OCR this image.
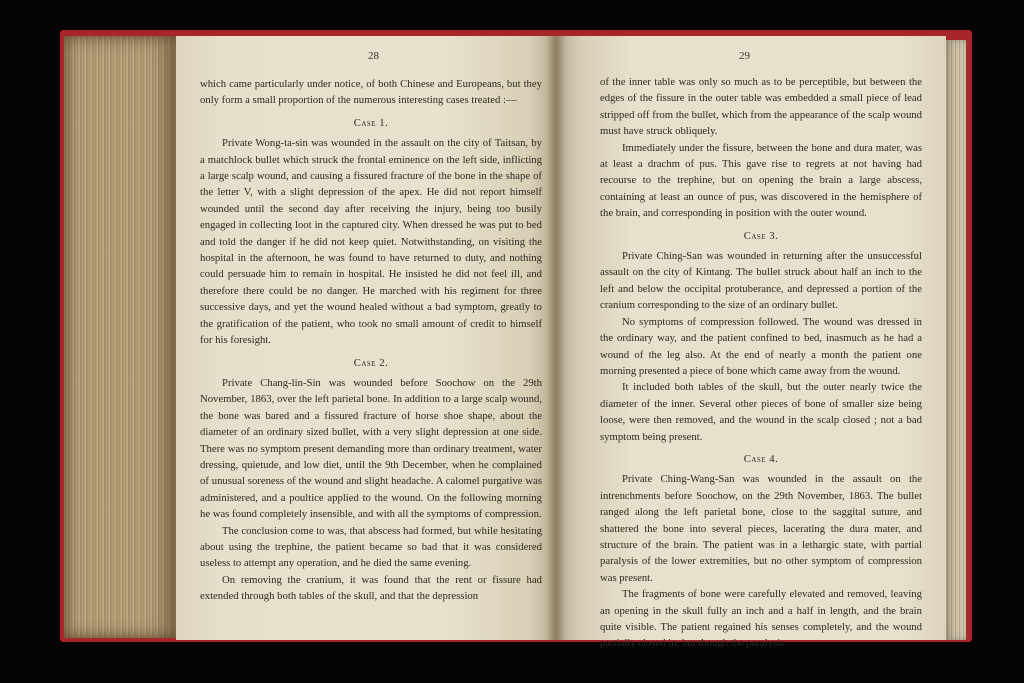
28

which came particularly under notice, of both Chinese and Europeans, but they only form a small proportion of the numerous interesting cases treated :—

Case 1.

Private Wong-ta-sin was wounded in the assault on the city of Taitsan, by a matchlock bullet which struck the frontal eminence on the left side, inflicting a large scalp wound, and causing a fissured fracture of the bone in the shape of the letter V, with a slight depression of the apex. He did not report himself wounded until the second day after receiving the injury, being too busily engaged in collecting loot in the captured city. When dressed he was put to bed and told the danger if he did not keep quiet. Notwithstanding, on visiting the hospital in the afternoon, he was found to have returned to duty, and nothing could persuade him to remain in hospital. He insisted he did not feel ill, and therefore there could be no danger. He marched with his regiment for three successive days, and yet the wound healed without a bad symptom, greatly to the gratification of the patient, who took no small amount of credit to himself for his foresight.

Case 2.

Private Chang-lin-Sin was wounded before Soochow on the 29th November, 1863, over the left parietal bone. In addition to a large scalp wound, the bone was bared and a fissured fracture of horse shoe shape, about the diameter of an ordinary sized bullet, with a very slight depression at one side. There was no symptom present demanding more than ordinary treatment, water dressing, quietude, and low diet, until the 9th December, when he complained of unusual soreness of the wound and slight headache. A calomel purgative was administered, and a poultice applied to the wound. On the following morning he was found completely insensible, and with all the symptoms of compression.

The conclusion come to was, that abscess had formed, but while hesitating about using the trephine, the patient became so bad that it was considered useless to attempt any operation, and he died the same evening.

On removing the cranium, it was found that the rent or fissure had extended through both tables of the skull, and that the depression

29

of the inner table was only so much as to be perceptible, but between the edges of the fissure in the outer table was embedded a small piece of lead stripped off from the bullet, which from the appearance of the scalp wound must have struck obliquely.

Immediately under the fissure, between the bone and dura mater, was at least a drachm of pus. This gave rise to regrets at not having had recourse to the trephine, but on opening the brain a large abscess, containing at least an ounce of pus, was discovered in the hemisphere of the brain, and corresponding in position with the outer wound.

Case 3.

Private Ching-San was wounded in returning after the unsuccessful assault on the city of Kintang. The bullet struck about half an inch to the left and below the occipital protuberance, and depressed a portion of the cranium corresponding to the size of an ordinary bullet.

No symptoms of compression followed. The wound was dressed in the ordinary way, and the patient confined to bed, inasmuch as he had a wound of the leg also. At the end of nearly a month the patient one morning presented a piece of bone which came away from the wound.

It included both tables of the skull, but the outer nearly twice the diameter of the inner. Several other pieces of bone of smaller size being loose, were then removed, and the wound in the scalp closed ; not a bad symptom being present.

Case 4.

Private Ching-Wang-San was wounded in the assault on the intrenchments before Soochow, on the 29th November, 1863. The bullet ranged along the left parietal bone, close to the saggital suture, and shattered the bone into several pieces, lacerating the dura mater, and structure of the brain. The patient was in a lethargic state, with partial paralysis of the lower extremities, but no other symptom of compression was present.

The fragments of bone were carefully elevated and removed, leaving an opening in the skull fully an inch and a half in length, and the brain quite visible. The patient regained his senses completely, and the wound partially closed in, but though the paralysis
